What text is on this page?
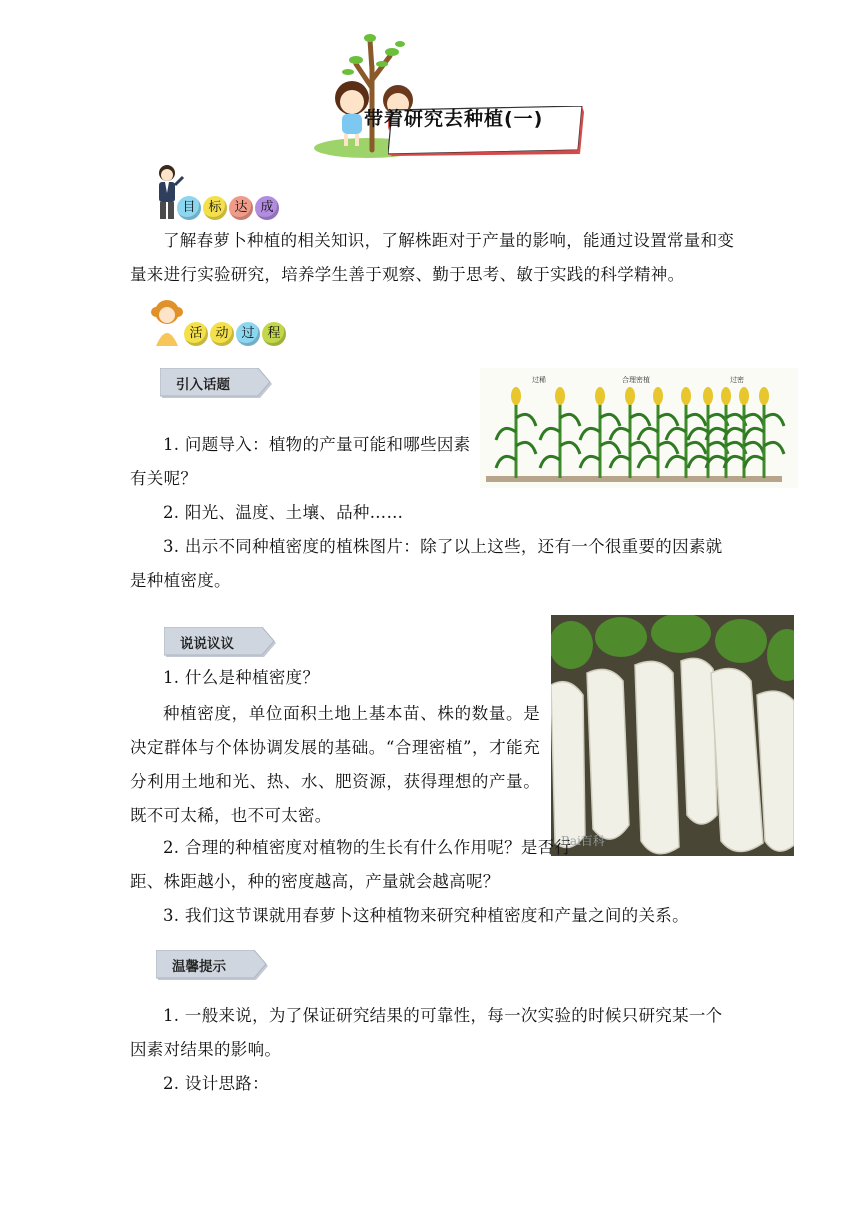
带着研究去种植(一)
目 标 达 成
了解春萝卜种植的相关知识，了解株距对于产量的影响，能通过设置常量和变量来进行实验研究，培养学生善于观察、勤于思考、敏于实践的科学精神。
活 动 过 程
引入话题	过稀	合理密植	过密
1. 问题导入：植物的产量可能和哪些因素有关呢？
2. 阳光、温度、土壤、品种……
3. 出示不同种植密度的植株图片：除了以上这些，还有一个很重要的因素就是种植密度。
说说议议
Bai百科
1. 什么是种植密度？
种植密度，单位面积土地上基本苗、株的数量。是决定群体与个体协调发展的基础。“合理密植”，才能充分利用土地和光、热、水、肥资源，获得理想的产量。既不可太稀，也不可太密。
2. 合理的种植密度对植物的生长有什么作用呢？是否行距、株距越小，种的密度越高，产量就会越高呢？
3. 我们这节课就用春萝卜这种植物来研究种植密度和产量之间的关系。
温馨提示
1. 一般来说，为了保证研究结果的可靠性，每一次实验的时候只研究某一个因素对结果的影响。
2. 设计思路：
